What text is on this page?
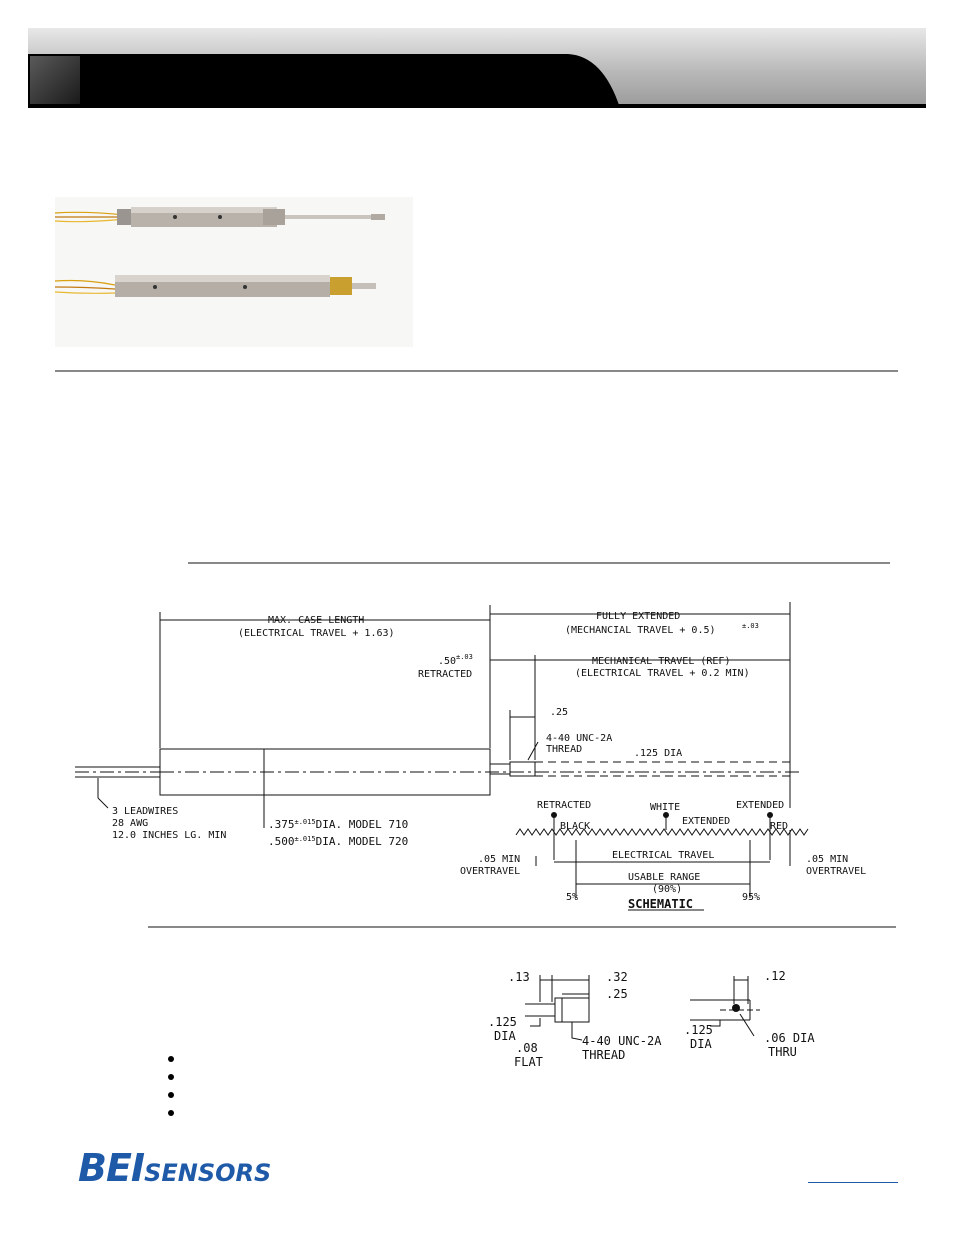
MAX. CASE LENGTH
(ELECTRICAL TRAVEL + 1.63)
FULLY EXTENDED
(MECHANCIAL TRAVEL + 0.5)	±.03
.50 ±.03
RETRACTED
MECHANICAL TRAVEL (REF)
(ELECTRICAL TRAVEL + 0.2 MIN)
.25
4-40 UNC-2A
THREAD	.125 DIA
3 LEADWIRES
28 AWG
12.0 INCHES LG. MIN
$.375^{\pm.015}DIA$. MODEL 710
$.500^{\pm.015}DIA$. MODEL 720
RETRACTED	WHITE	EXTENDED
BLACK	EXTENDED	RED
ELECTRICAL TRAVEL
.05 MIN
OVERTRAVEL
.05 MIN
OVERTRAVEL
USABLE RANGE
(90%)
5%	95%
SCHEMATIC
.13	.32
.25
.125
DIA
.08
FLAT
4-40 UNC-2A
THREAD
.12
.125
DIA	.06 DIA
THRU
BEISENSORS
